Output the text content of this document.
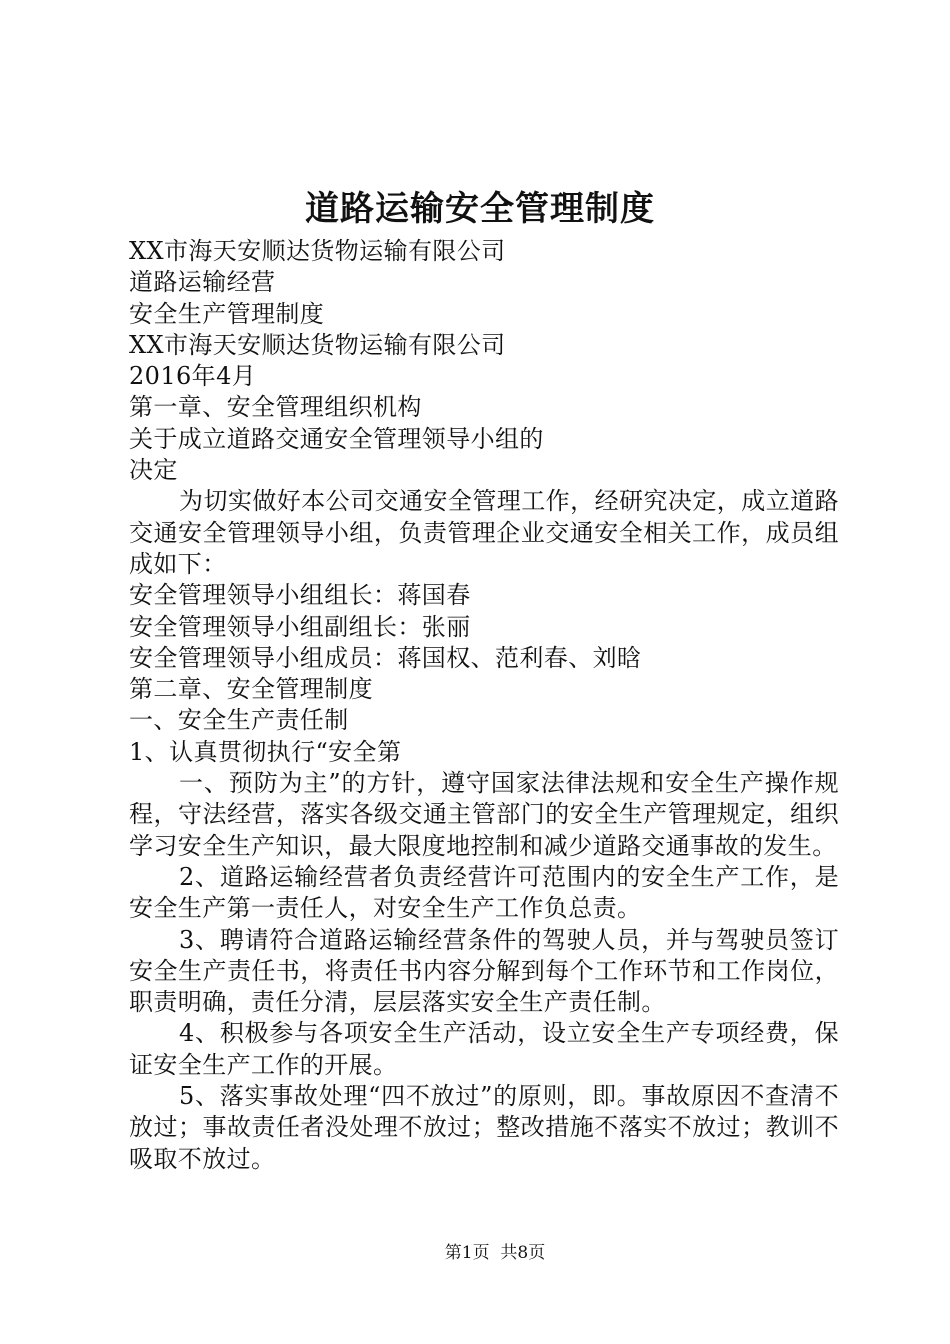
道路运输安全管理制度

XX市海天安顺达货物运输有限公司

道路运输经营

安全生产管理制度

XX市海天安顺达货物运输有限公司

2016年4月

第一章、安全管理组织机构

关于成立道路交通安全管理领导小组的

决定

为切实做好本公司交通安全管理工作，经研究决定，成立道路交通安全管理领导小组，负责管理企业交通安全相关工作，成员组成如下：

安全管理领导小组组长：蒋国春

安全管理领导小组副组长：张丽

安全管理领导小组成员：蒋国权、范利春、刘晗

第二章、安全管理制度

一、安全生产责任制

1、认真贯彻执行“安全第

一、预防为主”的方针，遵守国家法律法规和安全生产操作规程，守法经营，落实各级交通主管部门的安全生产管理规定，组织学习安全生产知识，最大限度地控制和减少道路交通事故的发生。

2、道路运输经营者负责经营许可范围内的安全生产工作，是安全生产第一责任人，对安全生产工作负总责。

3、聘请符合道路运输经营条件的驾驶人员，并与驾驶员签订安全生产责任书，将责任书内容分解到每个工作环节和工作岗位，职责明确，责任分清，层层落实安全生产责任制。

4、积极参与各项安全生产活动，设立安全生产专项经费，保证安全生产工作的开展。

5、落实事故处理“四不放过”的原则，即。事故原因不查清不放过；事故责任者没处理不放过；整改措施不落实不放过；教训不吸取不放过。

第1页  共8页
